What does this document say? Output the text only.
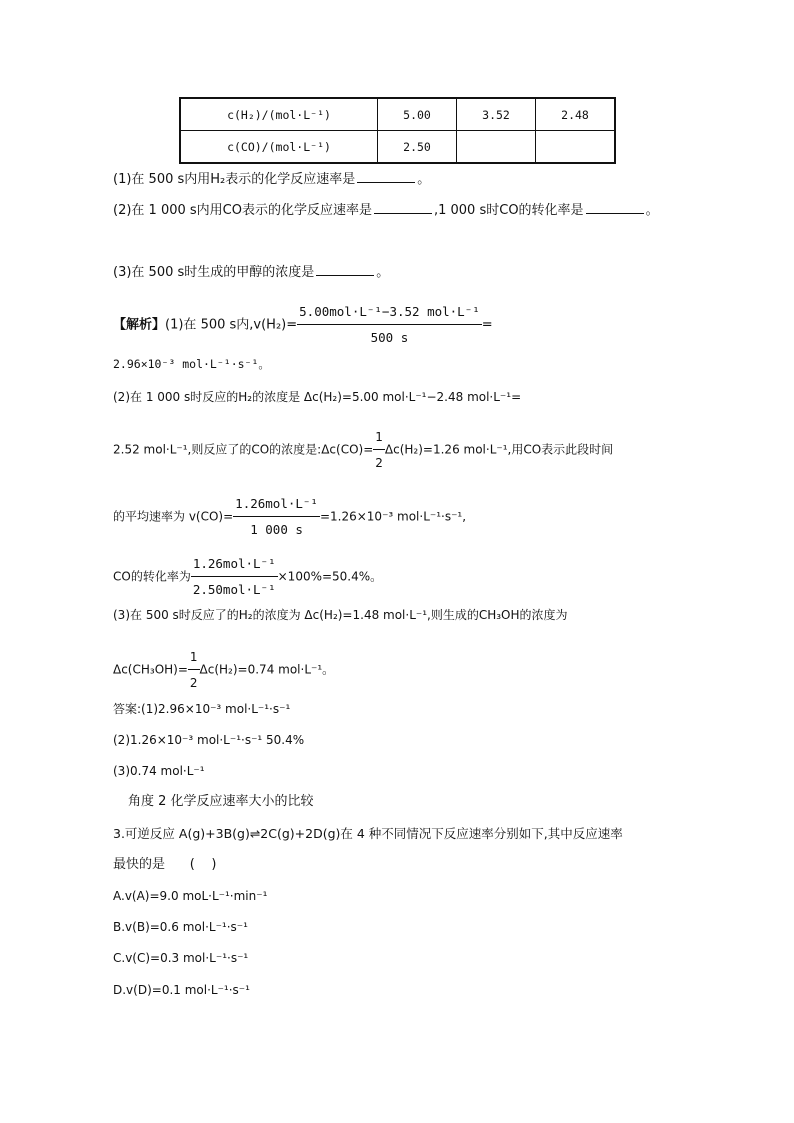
c(H₂)/(mol·L⁻¹)	5.00	3.52	2.48
c(CO)/(mol·L⁻¹)	2.50		
(1)在 500 s内用H₂表示的化学反应速率是	。
(2)在 1 000 s内用CO表示的化学反应速率是	,1 000 s时CO的转化率是	。
(3)在 500 s时生成的甲醇的浓度是	。
【解析】(1)在 500 s内$,v(H_2)= \frac{\text{5.00mol·L⁻¹−3.52 mol·L⁻¹}}{500 s}$ =
2.96×10⁻³ mol·L⁻¹·s⁻¹。
(2)在 1 000 s时反应的H₂的浓度是 Δc(H₂)=5.00 mol·L⁻¹−2.48 mol·L⁻¹=
2.52 mol·L⁻¹,则反应了的CO的浓度是:Δc(CO)= $\frac{1}{2} \Delta c(H_2)=1.26$ mol·L⁻¹,用CO表示此段时间
的平均速率为 $v(CO)= \frac{\text{1.26mol·L⁻¹}}{1 000 s} =1.26\times 10^{-3}$ mol·L⁻¹·s⁻¹,
CO的转化率为 $\frac{\text{1.26mol·L⁻¹}}{\text{2.50mol·L⁻¹}} \times 100\%=50.4\%$。
(3)在 500 s时反应了的H₂的浓度为 Δc(H₂)=1.48 mol·L⁻¹,则生成的CH₃OH的浓度为
$\Delta c(CH_3OH)= \frac{1}{2} \Delta c(H_2)=0.74$ mol·L⁻¹。
答案:(1)2.96×10⁻³ mol·L⁻¹·s⁻¹
(2)1.26×10⁻³ mol·L⁻¹·s⁻¹ 50.4%
(3)0.74 mol·L⁻¹
角度 2 化学反应速率大小的比较
3.可逆反应 A(g)+3B(g)⇌2C(g)+2D(g)在 4 种不同情况下反应速率分别如下,其中反应速率
最快的是      (    )
A.v(A)=9.0 moL·L⁻¹·min⁻¹
B.v(B)=0.6 mol·L⁻¹·s⁻¹
C.v(C)=0.3 mol·L⁻¹·s⁻¹
D.v(D)=0.1 mol·L⁻¹·s⁻¹
